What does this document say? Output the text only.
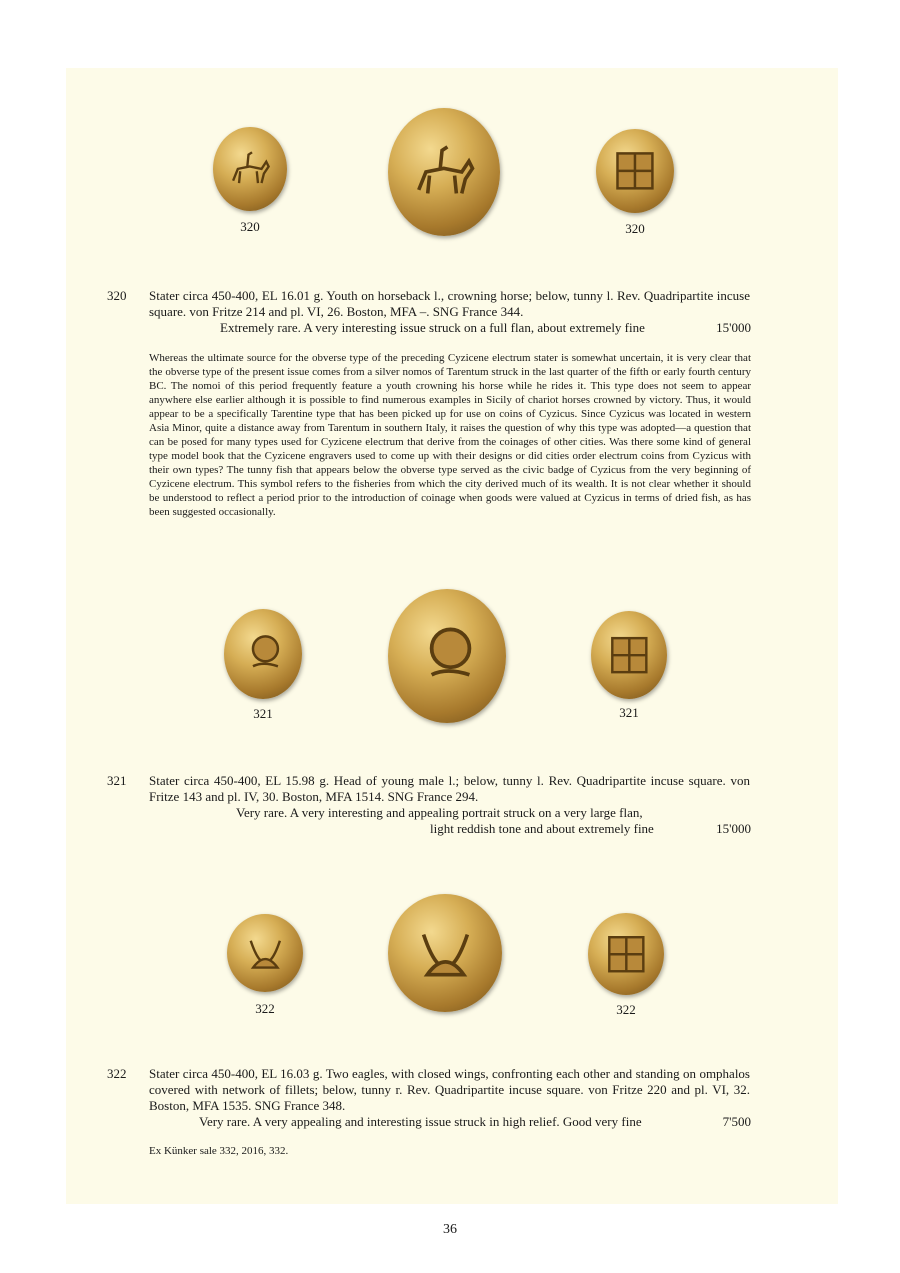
320	320
320	Stater circa 450-400, EL 16.01 g. Youth on horseback l., crowning horse; below, tunny l. Rev. Quadripartite incuse square. von Fritze 214 and pl. VI, 26. Boston, MFA –. SNG France 344.

Extremely rare. A very interesting issue struck on a full flan, about extremely fine	15'000
Whereas the ultimate source for the obverse type of the preceding Cyzicene electrum stater is somewhat uncertain, it is very clear that the obverse type of the present issue comes from a silver nomos of Tarentum struck in the last quarter of the fifth or early fourth century BC. The nomoi of this period frequently feature a youth crowning his horse while he rides it. This type does not seem to appear anywhere else earlier although it is possible to find numerous examples in Sicily of chariot horses crowned by victory. Thus, it would appear to be a specifically Tarentine type that has been picked up for use on coins of Cyzicus. Since Cyzicus was located in western Asia Minor, quite a distance away from Tarentum in southern Italy, it raises the question of why this type was adopted—a question that can be posed for many types used for Cyzicene electrum that derive from the coinages of other cities. Was there some kind of general type model book that the Cyzicene engravers used to come up with their designs or did cities order electrum coins from Cyzicus with their own types? The tunny fish that appears below the obverse type served as the civic badge of Cyzicus from the very beginning of Cyzicene electrum. This symbol refers to the fisheries from which the city derived much of its wealth. It is not clear whether it should be understood to reflect a period prior to the introduction of coinage when goods were valued at Cyzicus in terms of dried fish, as has been suggested occasionally.
321	321
321	Stater circa 450-400, EL 15.98 g. Head of young male l.; below, tunny l. Rev. Quadripartite incuse square. von Fritze 143 and pl. IV, 30. Boston, MFA 1514. SNG France 294.

Very rare. A very interesting and appealing portrait struck on a very large flan,
light reddish tone and about extremely fine	15'000
322	322
322	Stater circa 450-400, EL 16.03 g. Two eagles, with closed wings, confronting each other and standing on omphalos covered with network of fillets; below, tunny r. Rev. Quadripartite incuse square. von Fritze 220 and pl. VI, 32. Boston, MFA 1535. SNG France 348.

Very rare. A very appealing and interesting issue struck in high relief. Good very fine	7'500
Ex Künker sale 332, 2016, 332.
36
